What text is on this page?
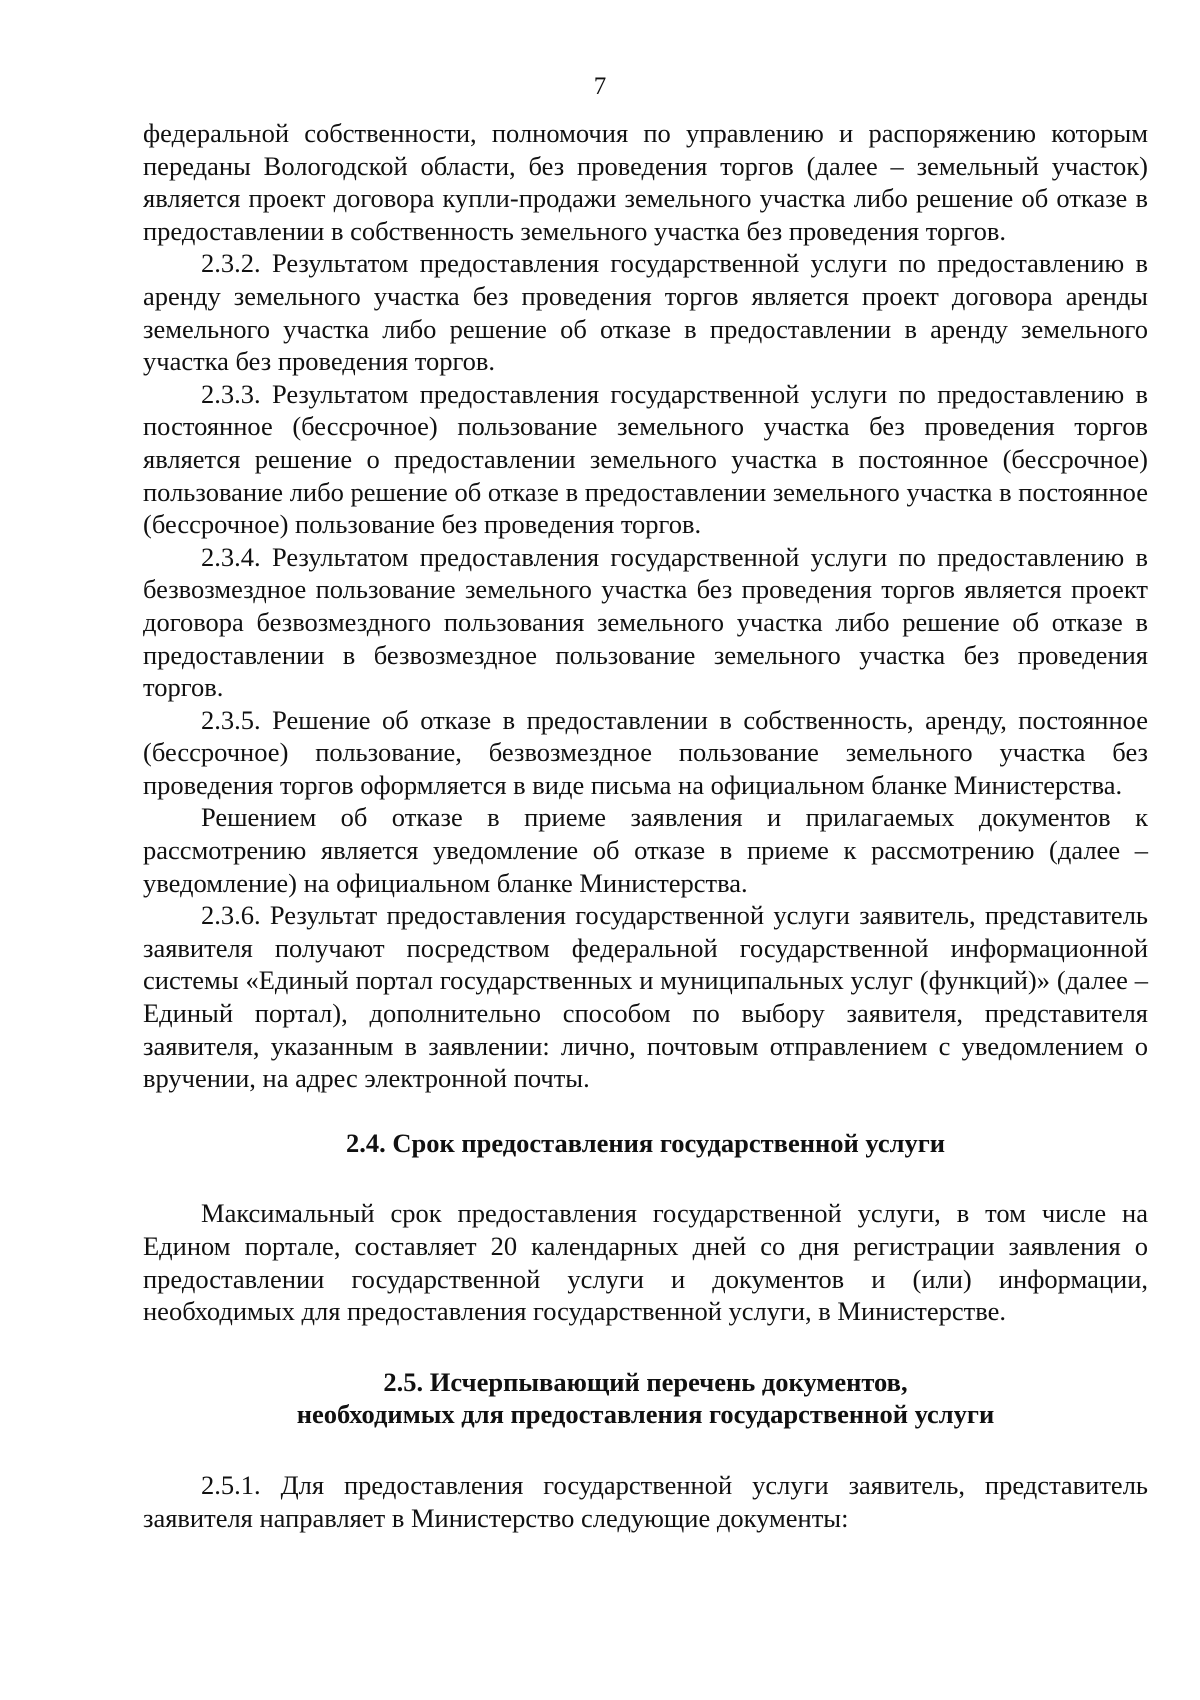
7

федеральной собственности, полномочия по управлению и распоряжению которым переданы Вологодской области, без проведения торгов (далее – земельный участок) является проект договора купли-продажи земельного участка либо решение об отказе в предоставлении в собственность земельного участка без проведения торгов.

2.3.2. Результатом предоставления государственной услуги по предоставлению в аренду земельного участка без проведения торгов является проект договора аренды земельного участка либо решение об отказе в предоставлении в аренду земельного участка без проведения торгов.

2.3.3. Результатом предоставления государственной услуги по предоставлению в постоянное (бессрочное) пользование земельного участка без проведения торгов является решение о предоставлении земельного участка в постоянное (бессрочное) пользование либо решение об отказе в предоставлении земельного участка в постоянное (бессрочное) пользование без проведения торгов.

2.3.4. Результатом предоставления государственной услуги по предоставлению в безвозмездное пользование земельного участка без проведения торгов является проект договора безвозмездного пользования земельного участка либо решение об отказе в предоставлении в безвозмездное пользование земельного участка без проведения торгов.

2.3.5. Решение об отказе в предоставлении в собственность, аренду, постоянное (бессрочное) пользование, безвозмездное пользование земельного участка без проведения торгов оформляется в виде письма на официальном бланке Министерства.

Решением об отказе в приеме заявления и прилагаемых документов к рассмотрению является уведомление об отказе в приеме к рассмотрению (далее – уведомление) на официальном бланке Министерства.

2.3.6. Результат предоставления государственной услуги заявитель, представитель заявителя получают посредством федеральной государственной информационной системы «Единый портал государственных и муниципальных услуг (функций)» (далее – Единый портал), дополнительно способом по выбору заявителя, представителя заявителя, указанным в заявлении: лично, почтовым отправлением с уведомлением о вручении, на адрес электронной почты.

2.4. Срок предоставления государственной услуги

Максимальный срок предоставления государственной услуги, в том числе на Едином портале, составляет 20 календарных дней со дня регистрации заявления о предоставлении государственной услуги и документов и (или) информации, необходимых для предоставления государственной услуги, в Министерстве.

2.5. Исчерпывающий перечень документов,
необходимых для предоставления государственной услуги

2.5.1. Для предоставления государственной услуги заявитель, представитель заявителя направляет в Министерство следующие документы:
